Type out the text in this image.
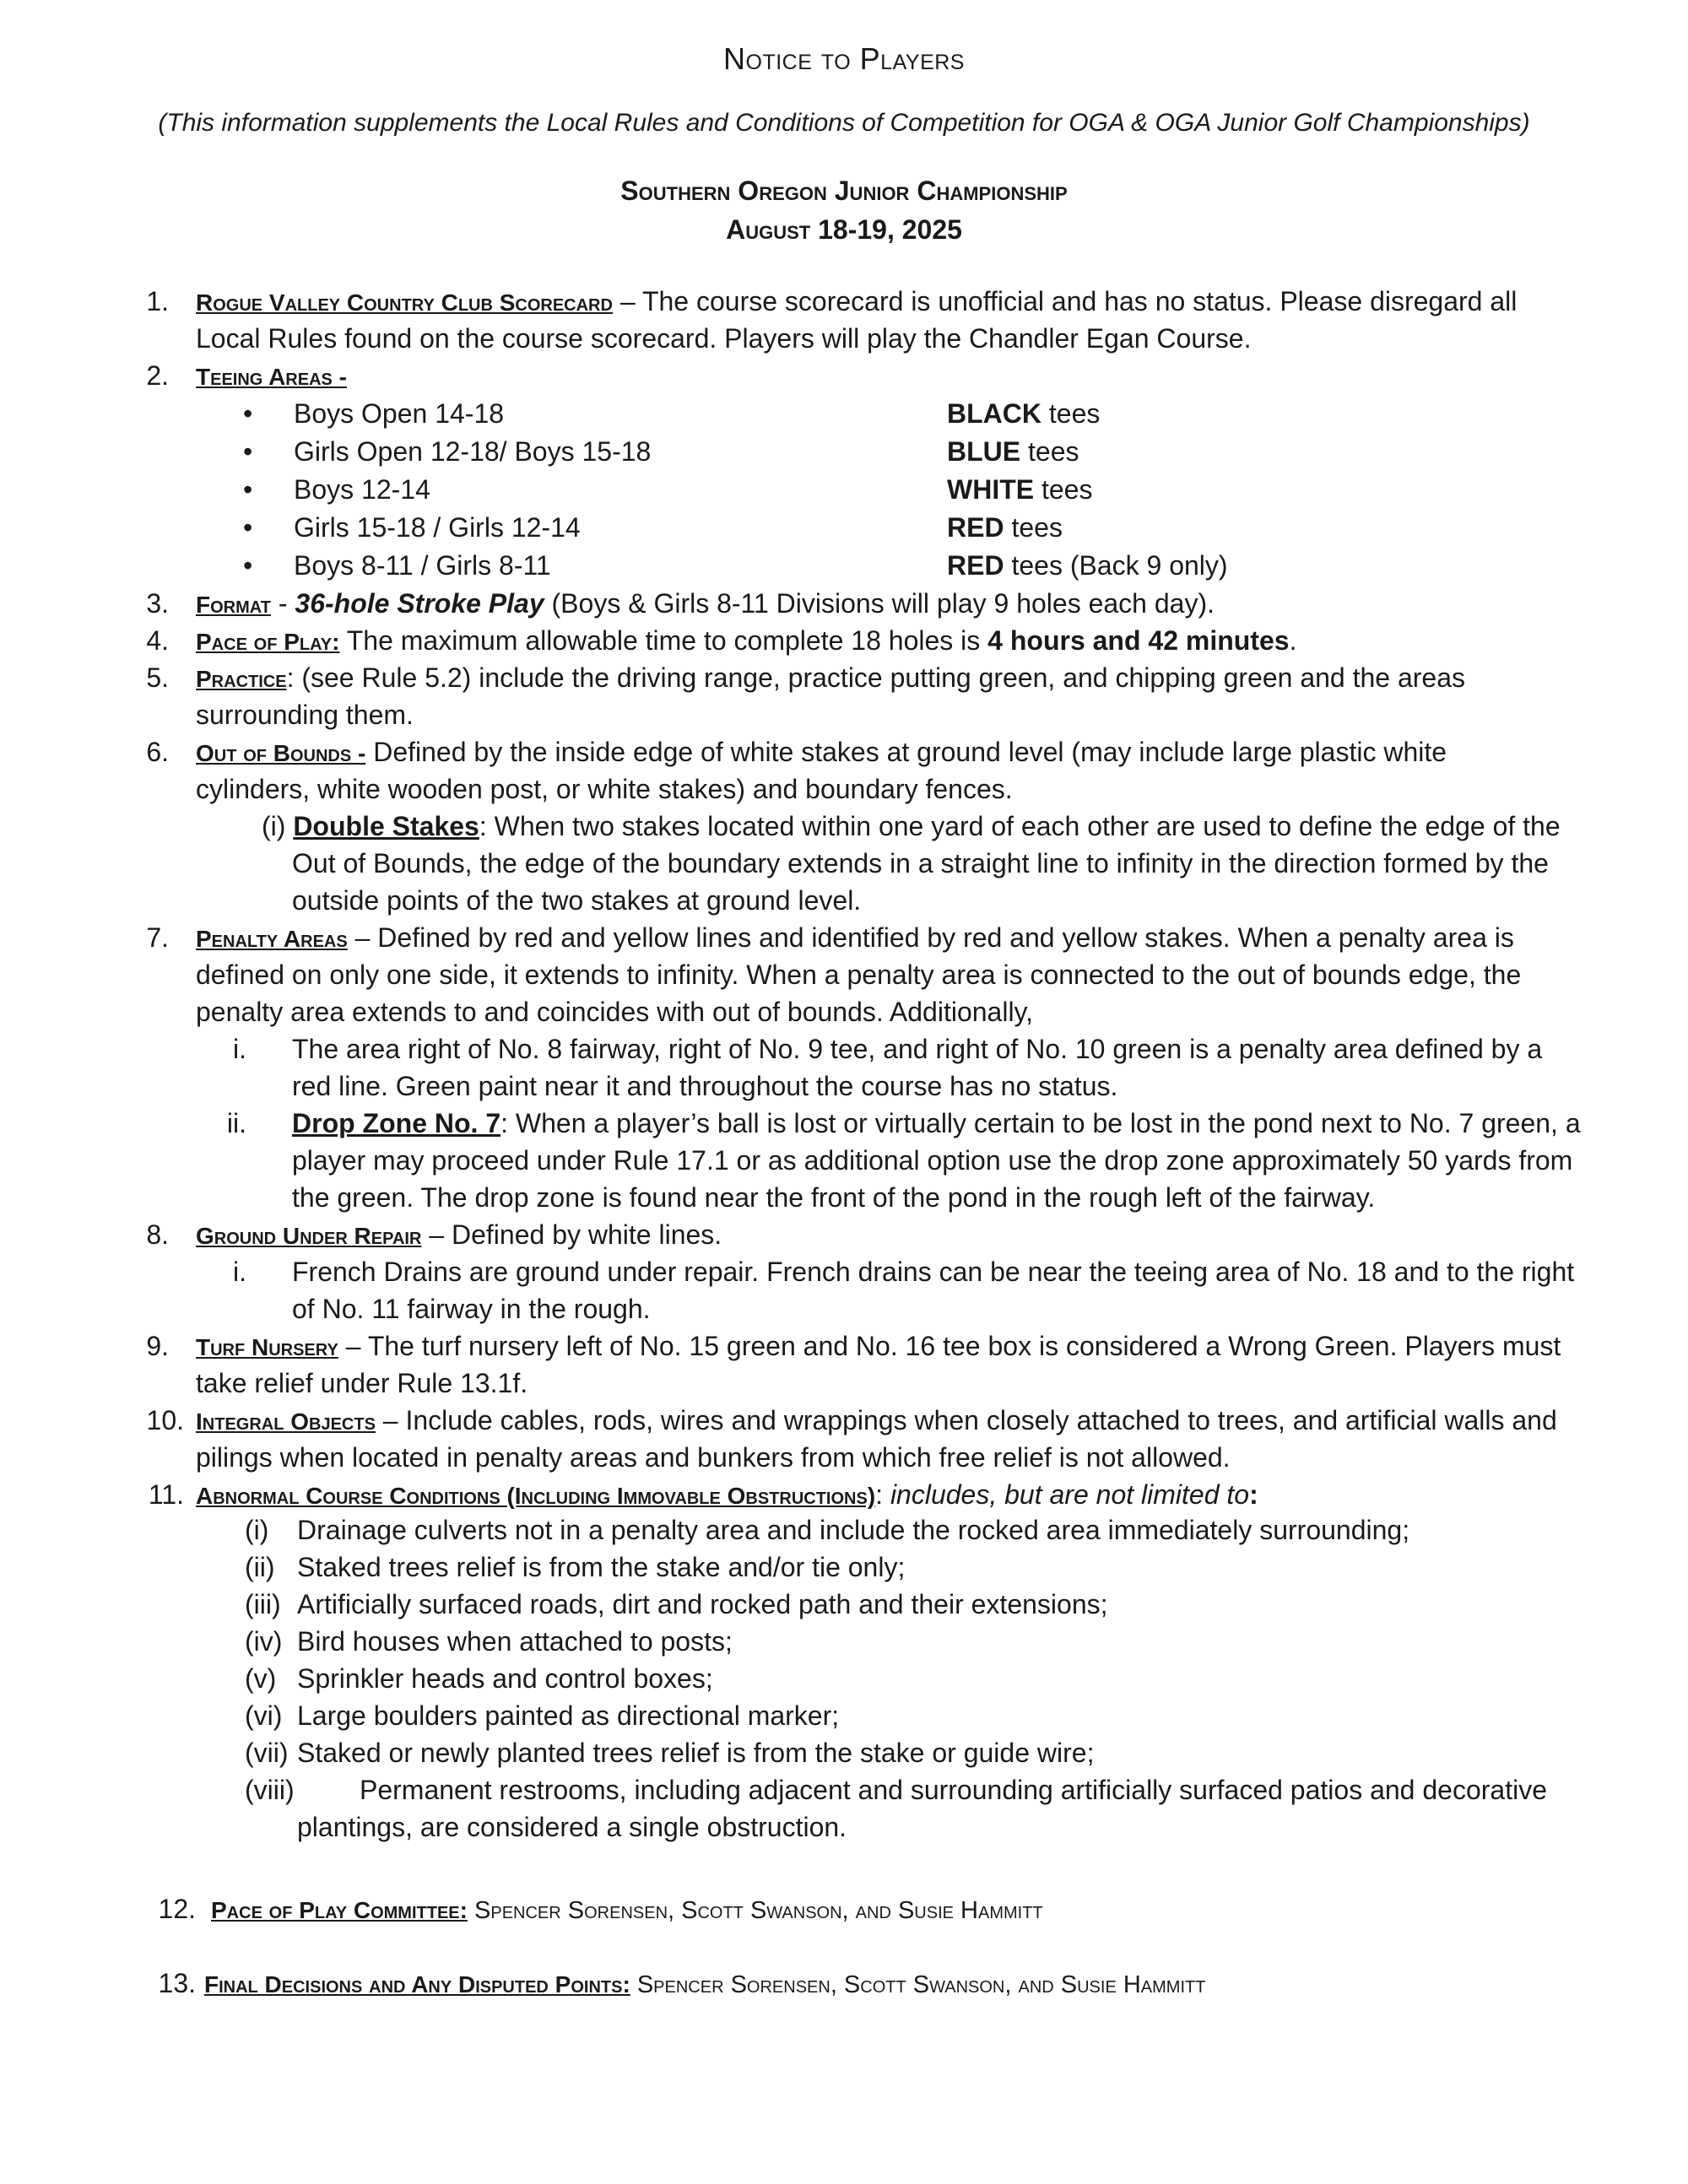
Notice to Players
(This information supplements the Local Rules and Conditions of Competition for OGA & OGA Junior Golf Championships)
Southern Oregon Junior Championship
August 18-19, 2025
1. Rogue Valley Country Club Scorecard – The course scorecard is unofficial and has no status. Please disregard all
Local Rules found on the course scorecard. Players will play the Chandler Egan Course.
2. Teeing Areas -
• Boys Open 14-18	BLACK tees
• Girls Open 12-18/ Boys 15-18	BLUE tees
• Boys 12-14	WHITE tees
• Girls 15-18 / Girls 12-14	RED tees
• Boys 8-11 / Girls 8-11	RED tees (Back 9 only)
3. Format - 36-hole Stroke Play (Boys & Girls 8-11 Divisions will play 9 holes each day).
4. Pace of Play: The maximum allowable time to complete 18 holes is 4 hours and 42 minutes.
5. Practice: (see Rule 5.2) include the driving range, practice putting green, and chipping green and the areas
surrounding them.
6. Out of Bounds - Defined by the inside edge of white stakes at ground level (may include large plastic white
cylinders, white wooden post, or white stakes) and boundary fences.
(i) Double Stakes: When two stakes located within one yard of each other are used to define the edge of the
Out of Bounds, the edge of the boundary extends in a straight line to infinity in the direction formed by the
outside points of the two stakes at ground level.
7. Penalty Areas – Defined by red and yellow lines and identified by red and yellow stakes. When a penalty area is
defined on only one side, it extends to infinity. When a penalty area is connected to the out of bounds edge, the
penalty area extends to and coincides with out of bounds. Additionally,
i. The area right of No. 8 fairway, right of No. 9 tee, and right of No. 10 green is a penalty area defined by a
red line. Green paint near it and throughout the course has no status.
ii. Drop Zone No. 7: When a player’s ball is lost or virtually certain to be lost in the pond next to No. 7 green, a
player may proceed under Rule 17.1 or as additional option use the drop zone approximately 50 yards from
the green. The drop zone is found near the front of the pond in the rough left of the fairway.
8. Ground Under Repair – Defined by white lines.
i. French Drains are ground under repair. French drains can be near the teeing area of No. 18 and to the right
of No. 11 fairway in the rough.
9. Turf Nursery – The turf nursery left of No. 15 green and No. 16 tee box is considered a Wrong Green. Players must
take relief under Rule 13.1f.
10. Integral Objects – Include cables, rods, wires and wrappings when closely attached to trees, and artificial walls and
pilings when located in penalty areas and bunkers from which free relief is not allowed.
11. Abnormal Course Conditions (Including Immovable Obstructions): includes, but are not limited to:
(i) Drainage culverts not in a penalty area and include the rocked area immediately surrounding;
(ii) Staked trees relief is from the stake and/or tie only;
(iii) Artificially surfaced roads, dirt and rocked path and their extensions;
(iv) Bird houses when attached to posts;
(v) Sprinkler heads and control boxes;
(vi) Large boulders painted as directional marker;
(vii) Staked or newly planted trees relief is from the stake or guide wire;
(viii) Permanent restrooms, including adjacent and surrounding artificially surfaced patios and decorative
plantings, are considered a single obstruction.
12. Pace of Play Committee: Spencer Sorensen, Scott Swanson, and Susie Hammitt
13. Final Decisions and Any Disputed Points: Spencer Sorensen, Scott Swanson, and Susie Hammitt
